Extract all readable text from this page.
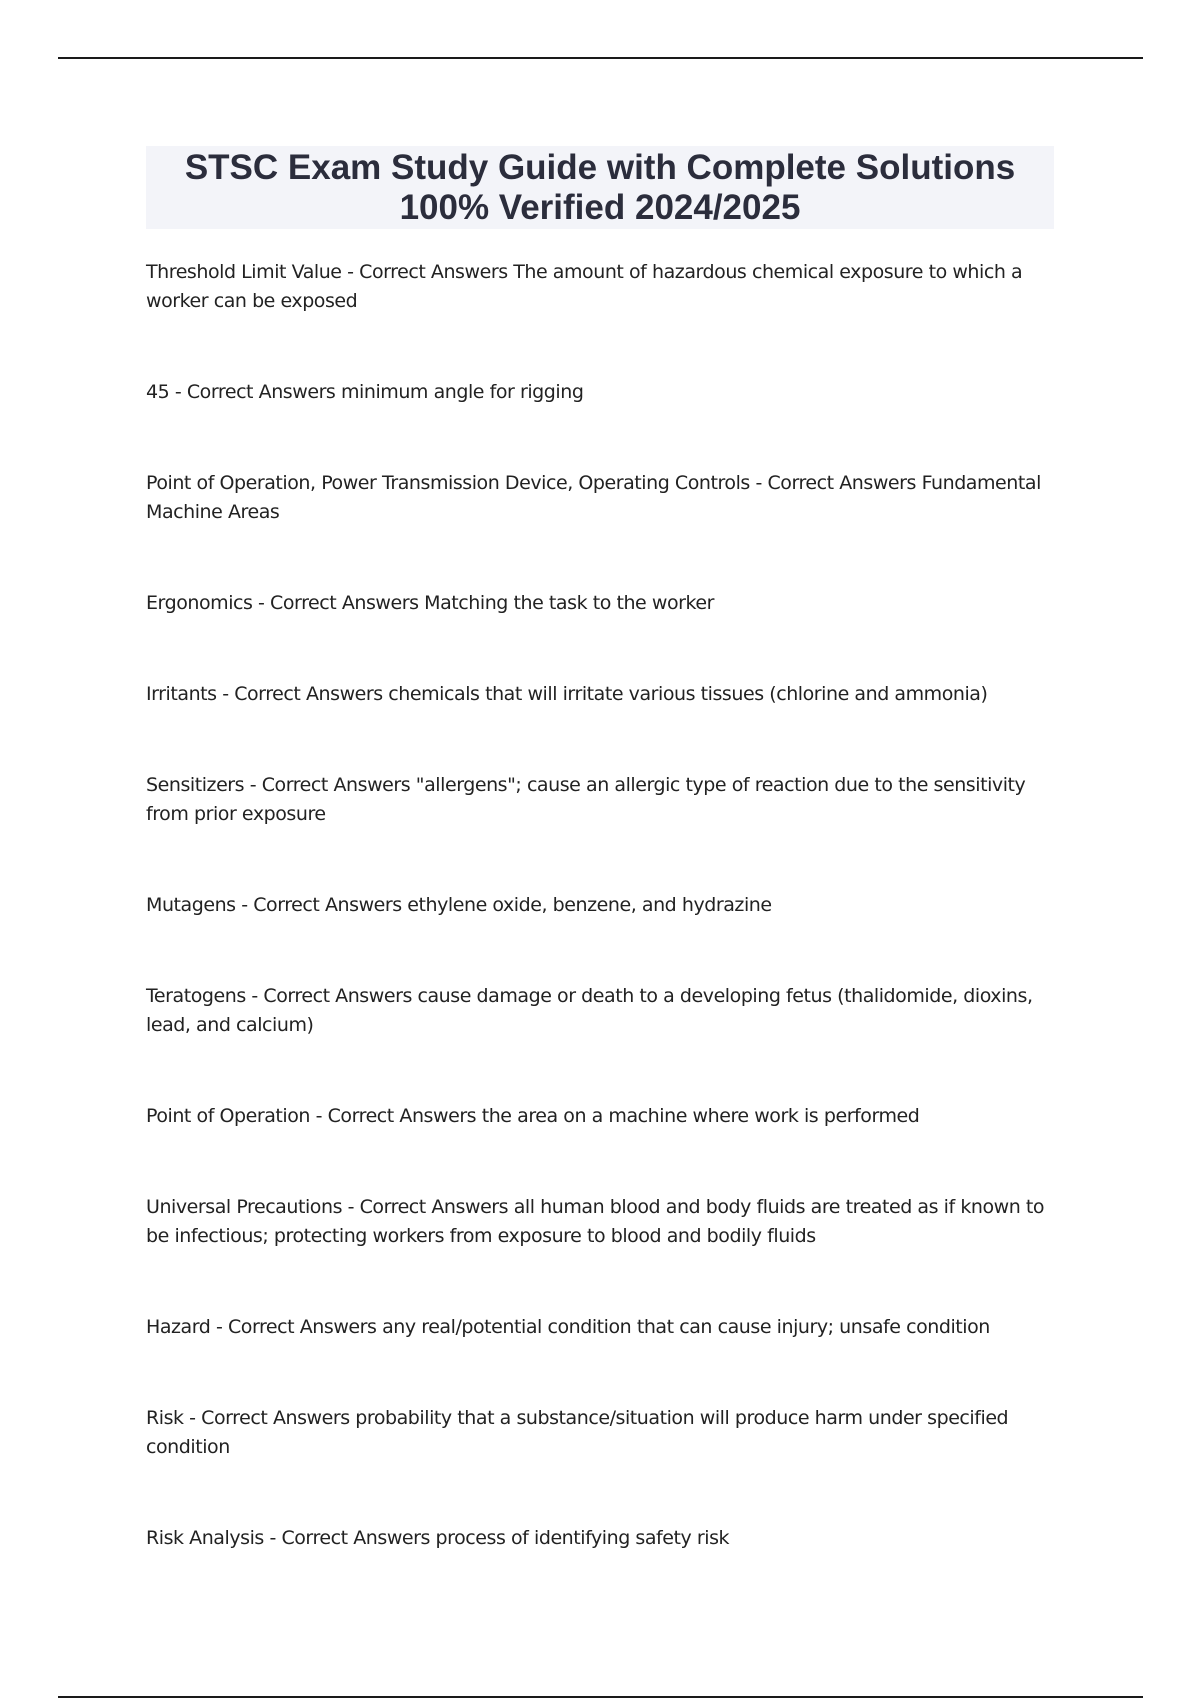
STSC Exam Study Guide with Complete Solutions
100% Verified 2024/2025
Threshold Limit Value - Correct Answers The amount of hazardous chemical exposure to which a worker can be exposed
45 - Correct Answers minimum angle for rigging
Point of Operation, Power Transmission Device, Operating Controls - Correct Answers Fundamental Machine Areas
Ergonomics - Correct Answers Matching the task to the worker
Irritants - Correct Answers chemicals that will irritate various tissues (chlorine and ammonia)
Sensitizers - Correct Answers "allergens"; cause an allergic type of reaction due to the sensitivity from prior exposure
Mutagens - Correct Answers ethylene oxide, benzene, and hydrazine
Teratogens - Correct Answers cause damage or death to a developing fetus (thalidomide, dioxins, lead, and calcium)
Point of Operation - Correct Answers the area on a machine where work is performed
Universal Precautions - Correct Answers all human blood and body fluids are treated as if known to be infectious; protecting workers from exposure to blood and bodily fluids
Hazard - Correct Answers any real/potential condition that can cause injury; unsafe condition
Risk - Correct Answers probability that a substance/situation will produce harm under specified condition
Risk Analysis - Correct Answers process of identifying safety risk
